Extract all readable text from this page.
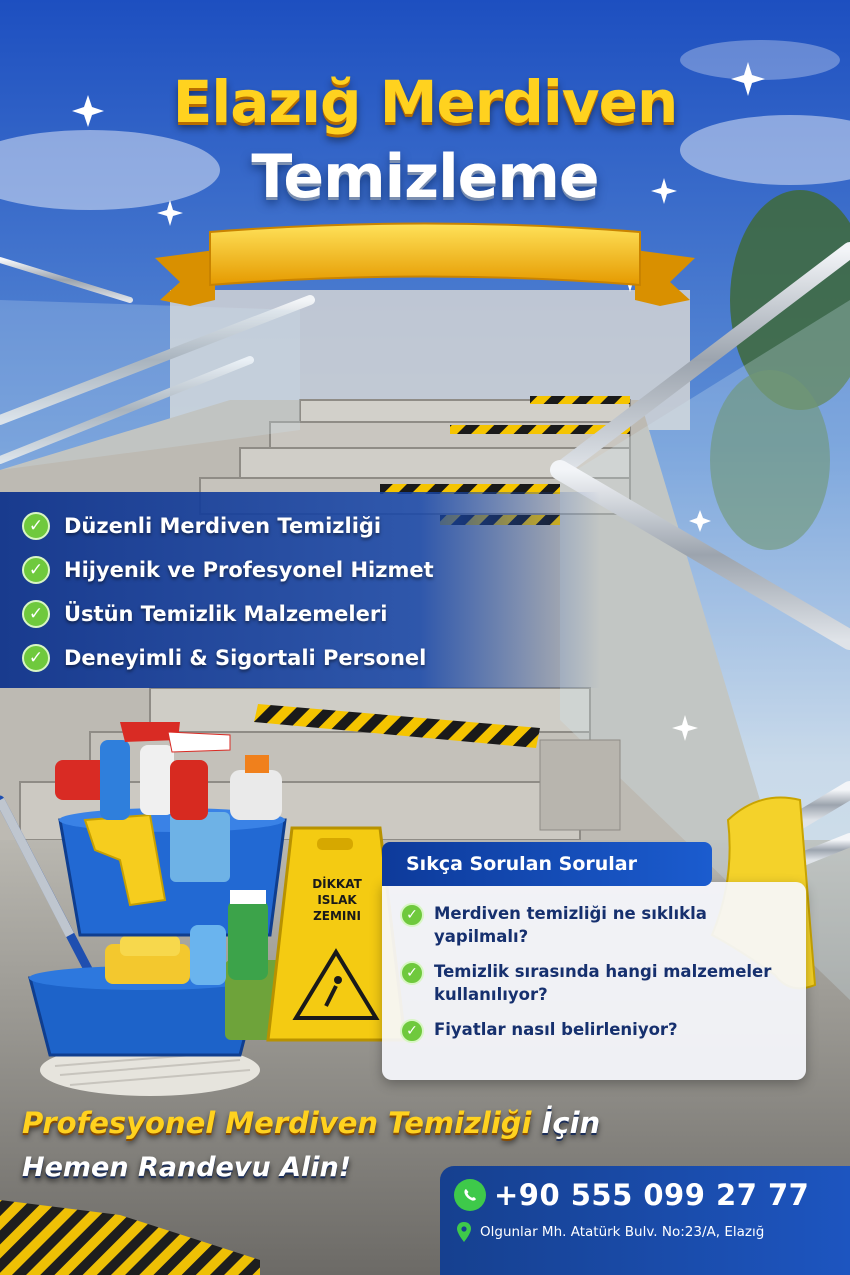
Elazığ Merdiven
Temizleme
DİKKAT
ISLAK
ZEMINI
✓ Düzenli Merdiven Temizliği
✓ Hijyenik ve Profesyonel Hizmet
✓ Üstün Temizlik Malzemeleri
✓ Deneyimli & Sigortali Personel
✓ Merdiven temizliği ne sıklıkla yapilmalı?
✓ Temizlik sırasında hangi malzemeler kullanılıyor?
✓ Fiyatlar nasıl belirleniyor?
Sıkça Sorulan Sorular
Profesyonel Merdiven Temizliği İçin
Hemen Randevu Alin!
+90 555 099 27 77
Olgunlar Mh. Atatürk Bulv. No:23/A, Elazığ
